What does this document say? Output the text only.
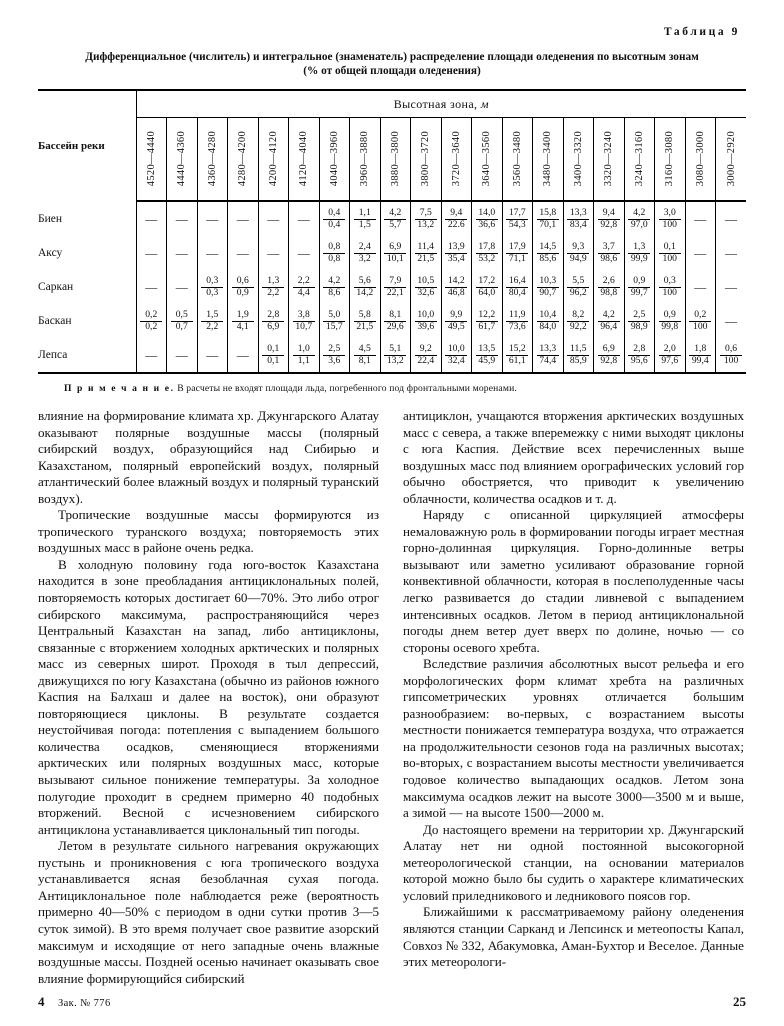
Таблица 9
Дифференциальное (числитель) и интегральное (знаменатель) распределение площади оледенения по высотным зонам
(% от общей площади оледенения)
Бассейн реки	Высотная зона, м																			
	4520—4440	4440—4360	4360—4280	4280—4200	4200—4120	4120—4040	4040—3960	3960—3880	3880—3800	3800—3720	3720—3640	3640—3560	3560—3480	3480—3400	3400—3320	3320—3240	3240—3160	3160—3080	3080—3000	3000—2920
Биен	—	—	—	—	—	—	$\frac{0,4}{0,4}$	$\frac{1,1}{1,5}$	$\frac{4,2}{5,7}$	$\frac{7,5}{13,2}$	$\frac{9,4}{22.6}$	$\frac{14,0}{36,6}$	$\frac{17,7}{54,3}$	$\frac{15,8}{70,1}$	$\frac{13,3}{83,4}$	$\frac{9,4}{92,8}$	$\frac{4,2}{97,0}$	$\frac{3,0}{100}$	—	—
Аксу	—	—	—	—	—	—	$\frac{0,8}{0,8}$	$\frac{2,4}{3,2}$	$\frac{6,9}{10,1}$	$\frac{11,4}{21,5}$	$\frac{13,9}{35,4}$	$\frac{17,8}{53,2}$	$\frac{17,9}{71,1}$	$\frac{14,5}{85,6}$	$\frac{9,3}{94,9}$	$\frac{3,7}{98,6}$	$\frac{1,3}{99,9}$	$\frac{0,1}{100}$	—	—
Саркан	—	—	$\frac{0,3}{0,3}$	$\frac{0,6}{0,9}$	$\frac{1,3}{2,2}$	$\frac{2,2}{4,4}$	$\frac{4,2}{8,6}$	$\frac{5,6}{14,2}$	$\frac{7,9}{22,1}$	$\frac{10,5}{32,6}$	$\frac{14,2}{46,8}$	$\frac{17,2}{64,0}$	$\frac{16,4}{80,4}$	$\frac{10,3}{90,7}$	$\frac{5,5}{96,2}$	$\frac{2,6}{98,8}$	$\frac{0,9}{99,7}$	$\frac{0,3}{100}$	—	—
Баскан	$\frac{0,2}{0,2}$	$\frac{0,5}{0,7}$	$\frac{1,5}{2,2}$	$\frac{1,9}{4,1}$	$\frac{2,8}{6,9}$	$\frac{3,8}{10,7}$	$\frac{5,0}{15,7}$	$\frac{5,8}{21,5}$	$\frac{8,1}{29,6}$	$\frac{10,0}{39,6}$	$\frac{9,9}{49,5}$	$\frac{12,2}{61,7}$	$\frac{11,9}{73,6}$	$\frac{10,4}{84,0}$	$\frac{8,2}{92,2}$	$\frac{4,2}{96,4}$	$\frac{2,5}{98,9}$	$\frac{0,9}{99,8}$	$\frac{0,2}{100}$	—
Лепса	—	—	—	—	$\frac{0,1}{0,1}$	$\frac{1,0}{1,1}$	$\frac{2,5}{3,6}$	$\frac{4,5}{8,1}$	$\frac{5,1}{13,2}$	$\frac{9,2}{22,4}$	$\frac{10,0}{32,4}$	$\frac{13,5}{45,9}$	$\frac{15,2}{61,1}$	$\frac{13,3}{74,4}$	$\frac{11,5}{85,9}$	$\frac{6,9}{92,8}$	$\frac{2,8}{95,6}$	$\frac{2,0}{97,6}$	$\frac{1,8}{99,4}$	$\frac{0,6}{100}$

П р и м е ч а н и е. В расчеты не входят площади льда, погребенного под фронтальными моренами.

влияние на формирование климата хр. Джунгарского Алатау оказывают полярные воздушные массы (полярный сибирский воздух, образующийся над Сибирью и Казахстаном, полярный европейский воздух, полярный атлантический более влажный воздух и полярный туранский воздух).

Тропические воздушные массы формируются из тропического туранского воздуха; повторяемость этих воздушных масс в районе очень редка.

В холодную половину года юго-восток Казахстана находится в зоне преобладания антициклональных полей, повторяемость которых достигает 60—70%. Это либо отрог сибирского максимума, распространяющийся через Центральный Казахстан на запад, либо антициклоны, связанные с вторжением холодных арктических и полярных масс из северных широт. Проходя в тыл депрессий, движущихся по югу Казахстана (обычно из районов южного Каспия на Балхаш и далее на восток), они образуют повторяющиеся циклоны. В результате создается неустойчивая погода: потепления с выпадением большого количества осадков, сменяющиеся вторжениями арктических или полярных воздушных масс, которые вызывают сильное понижение температуры. За холодное полугодие проходит в среднем примерно 40 подобных вторжений. Весной с исчезновением сибирского антициклона устанавливается циклональный тип погоды.

Летом в результате сильного нагревания окружающих пустынь и проникновения с юга тропического воздуха устанавливается ясная безоблачная сухая погода. Антициклональное поле наблюдается реже (вероятность примерно 40—50% с периодом в одни сутки против 3—5 суток зимой). В это время получает свое развитие азорский максимум и исходящие от него западные очень влажные воздушные массы. Поздней осенью начинает оказывать свое влияние формирующийся сибирский

антициклон, учащаются вторжения арктических воздушных масс с севера, а также вперемежку с ними выходят циклоны с юга Каспия. Действие всех перечисленных выше воздушных масс под влиянием орографических условий гор обычно обостряется, что приводит к увеличению облачности, количества осадков и т. д.

Наряду с описанной циркуляцией атмосферы немаловажную роль в формировании погоды играет местная горно-долинная циркуляция. Горно-долинные ветры вызывают или заметно усиливают образование горной конвективной облачности, которая в послеполуденные часы легко развивается до стадии ливневой с выпадением интенсивных осадков. Летом в период антициклональной погоды днем ветер дует вверх по долине, ночью — со стороны осевого хребта.

Вследствие различия абсолютных высот рельефа и его морфологических форм климат хребта на различных гипсометрических уровнях отличается большим разнообразием: во-первых, с возрастанием высоты местности понижается температура воздуха, что отражается на продолжительности сезонов года на различных высотах; во-вторых, с возрастанием высоты местности увеличивается годовое количество выпадающих осадков. Летом зона максимума осадков лежит на высоте 3000—3500 м и выше, а зимой — на высоте 1500—2000 м.

До настоящего времени на территории хр. Джунгарский Алатау нет ни одной постоянной высокогорной метеорологической станции, на основании материалов которой можно было бы судить о характере климатических условий приледникового и ледникового поясов гор.

Ближайшими к рассматриваемому району оледенения являются станции Сарканд и Лепсинск и метеопосты Капал, Совхоз № 332, Абакумовка, Аман-Бухтор и Веселое. Данные этих метеорологи-

4 Зак. № 776	25
